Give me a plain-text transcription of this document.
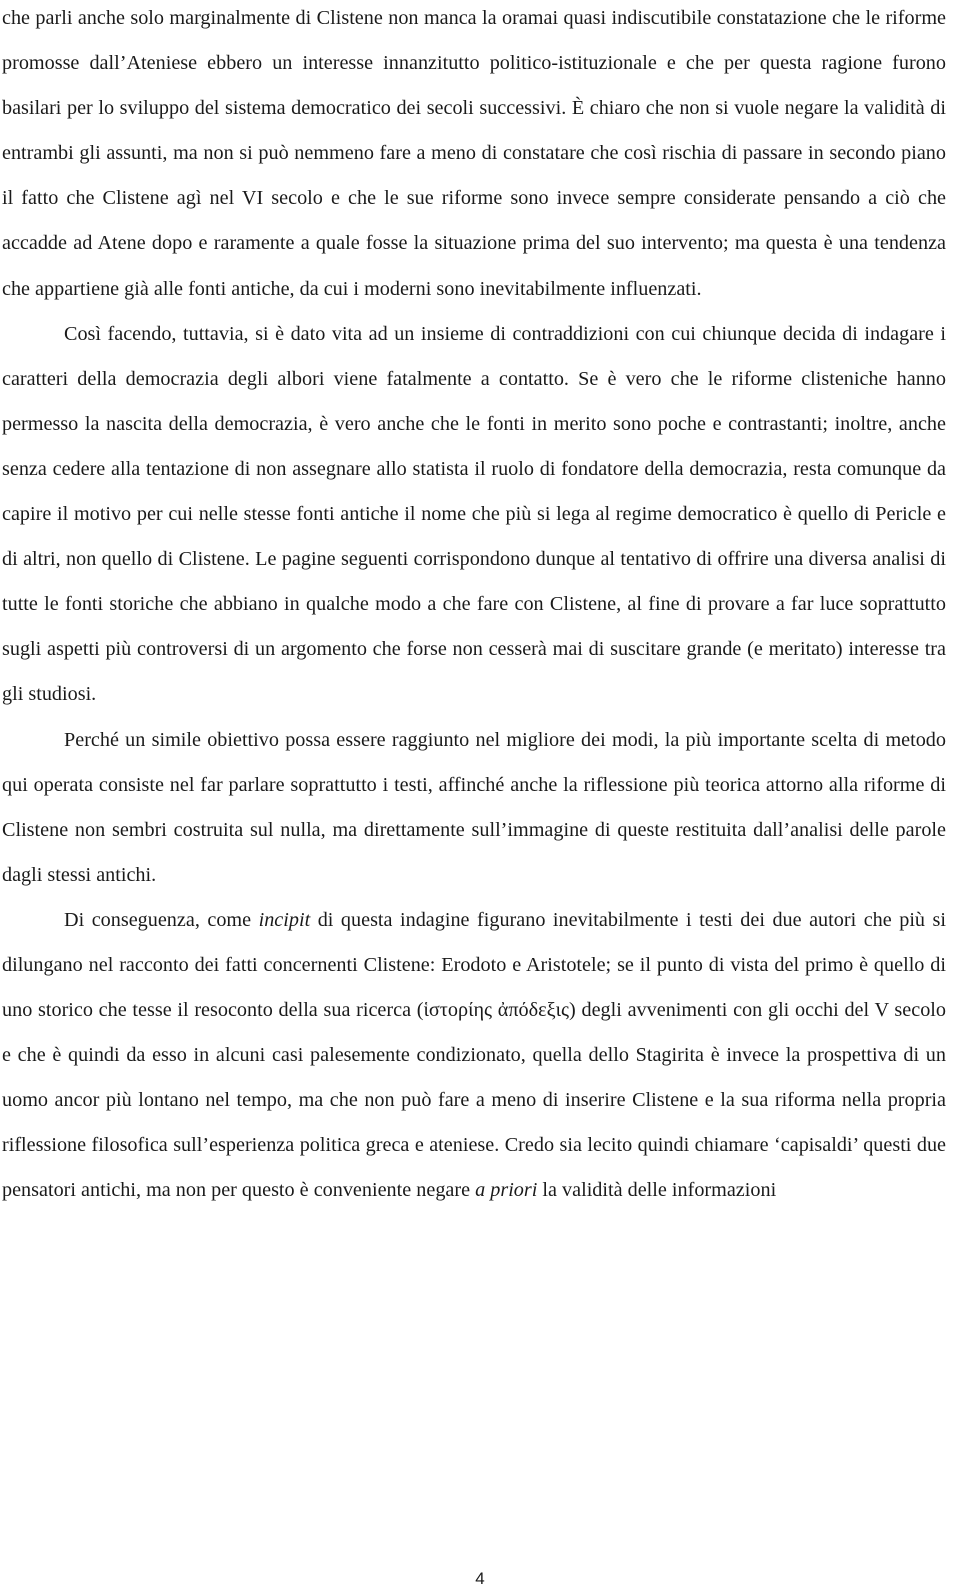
che parli anche solo marginalmente di Clistene non manca la oramai quasi indiscutibile constatazione che le riforme promosse dall’Ateniese ebbero un interesse innanzitutto politico-istituzionale e che per questa ragione furono basilari per lo sviluppo del sistema democratico dei secoli successivi. È chiaro che non si vuole negare la validità di entrambi gli assunti, ma non si può nemmeno fare a meno di constatare che così rischia di passare in secondo piano il fatto che Clistene agì nel VI secolo e che le sue riforme sono invece sempre considerate pensando a ciò che accadde ad Atene dopo e raramente a quale fosse la situazione prima del suo intervento; ma questa è una tendenza che appartiene già alle fonti antiche, da cui i moderni sono inevitabilmente influenzati.

Così facendo, tuttavia, si è dato vita ad un insieme di contraddizioni con cui chiunque decida di indagare i caratteri della democrazia degli albori viene fatalmente a contatto. Se è vero che le riforme clisteniche hanno permesso la nascita della democrazia, è vero anche che le fonti in merito sono poche e contrastanti; inoltre, anche senza cedere alla tentazione di non assegnare allo statista il ruolo di fondatore della democrazia, resta comunque da capire il motivo per cui nelle stesse fonti antiche il nome che più si lega al regime democratico è quello di Pericle e di altri, non quello di Clistene. Le pagine seguenti corrispondono dunque al tentativo di offrire una diversa analisi di tutte le fonti storiche che abbiano in qualche modo a che fare con Clistene, al fine di provare a far luce soprattutto sugli aspetti più controversi di un argomento che forse non cesserà mai di suscitare grande (e meritato) interesse tra gli studiosi.

Perché un simile obiettivo possa essere raggiunto nel migliore dei modi, la più importante scelta di metodo qui operata consiste nel far parlare soprattutto i testi, affinché anche la riflessione più teorica attorno alla riforme di Clistene non sembri costruita sul nulla, ma direttamente sull’immagine di queste restituita dall’analisi delle parole dagli stessi antichi.

Di conseguenza, come incipit di questa indagine figurano inevitabilmente i testi dei due autori che più si dilungano nel racconto dei fatti concernenti Clistene: Erodoto e Aristotele; se il punto di vista del primo è quello di uno storico che tesse il resoconto della sua ricerca (ἱστορίης ἀπόδεξις) degli avvenimenti con gli occhi del V secolo e che è quindi da esso in alcuni casi palesemente condizionato, quella dello Stagirita è invece la prospettiva di un uomo ancor più lontano nel tempo, ma che non può fare a meno di inserire Clistene e la sua riforma nella propria riflessione filosofica sull’esperienza politica greca e ateniese. Credo sia lecito quindi chiamare ‘capisaldi’ questi due pensatori antichi, ma non per questo è conveniente negare a priori la validità delle informazioni

4
